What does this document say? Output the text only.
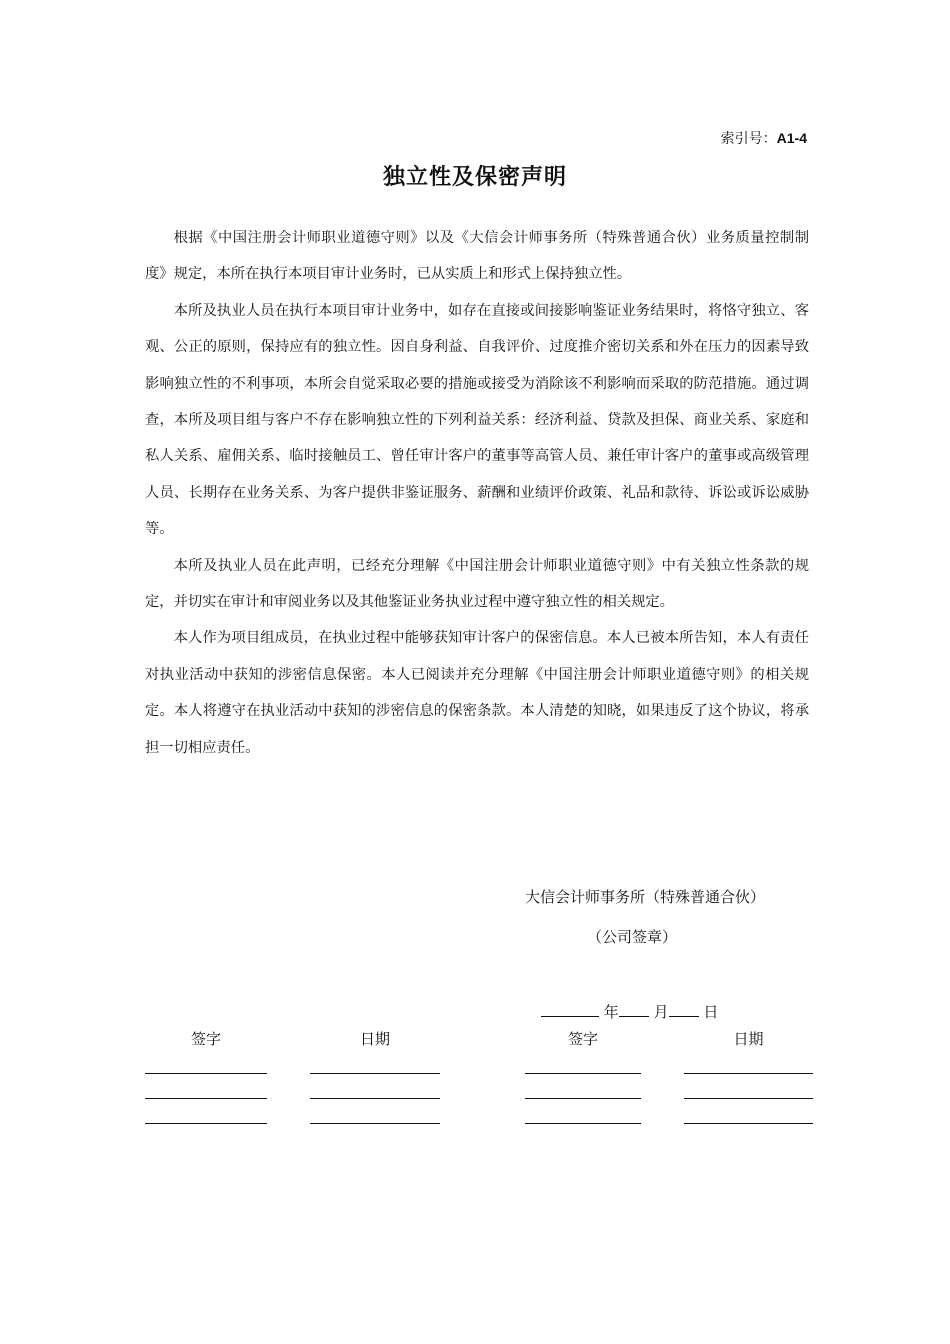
索引号：A1-4
独立性及保密声明

根据《中国注册会计师职业道德守则》以及《大信会计师事务所（特殊普通合伙）业务质量控制制度》规定，本所在执行本项目审计业务时，已从实质上和形式上保持独立性。

本所及执业人员在执行本项目审计业务中，如存在直接或间接影响鉴证业务结果时，将恪守独立、客观、公正的原则，保持应有的独立性。因自身利益、自我评价、过度推介密切关系和外在压力的因素导致影响独立性的不利事项，本所会自觉采取必要的措施或接受为消除该不利影响而采取的防范措施。通过调查，本所及项目组与客户不存在影响独立性的下列利益关系：经济利益、贷款及担保、商业关系、家庭和私人关系、雇佣关系、临时接触员工、曾任审计客户的董事等高管人员、兼任审计客户的董事或高级管理人员、长期存在业务关系、为客户提供非鉴证服务、薪酬和业绩评价政策、礼品和款待、诉讼或诉讼威胁等。

本所及执业人员在此声明，已经充分理解《中国注册会计师职业道德守则》中有关独立性条款的规定，并切实在审计和审阅业务以及其他鉴证业务执业过程中遵守独立性的相关规定。

本人作为项目组成员，在执业过程中能够获知审计客户的保密信息。本人已被本所告知，本人有责任对执业活动中获知的涉密信息保密。本人已阅读并充分理解《中国注册会计师职业道德守则》的相关规定。本人将遵守在执业活动中获知的涉密信息的保密条款。本人清楚的知晓，如果违反了这个协议，将承担一切相应责任。

大信会计师事务所（特殊普通合伙）
（公司签章）
年 月 日
签字	日期	签字	日期
